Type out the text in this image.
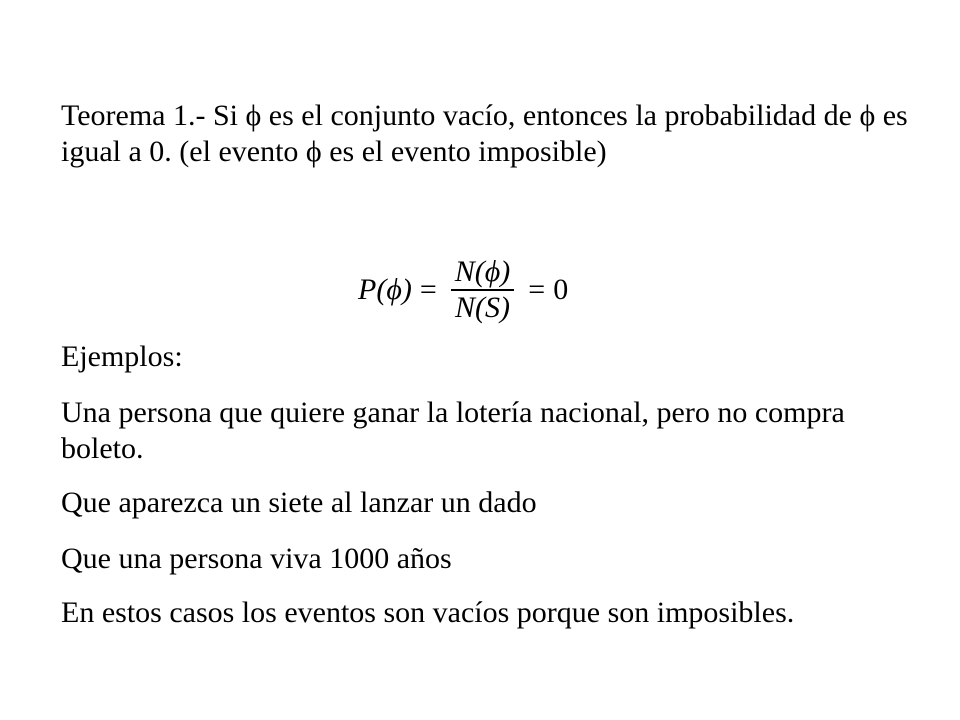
Teorema 1.- Si ϕ es el conjunto vacío, entonces la probabilidad de ϕ es igual a 0. (el evento ϕ es el evento imposible)

$P(\phi) = \frac{N(\phi)}{N(S)} = 0$

Ejemplos:

Una persona que quiere ganar la lotería nacional, pero no compra boleto.

Que aparezca un siete al lanzar un dado

Que una persona viva 1000 años

En estos casos los eventos son vacíos porque son imposibles.
